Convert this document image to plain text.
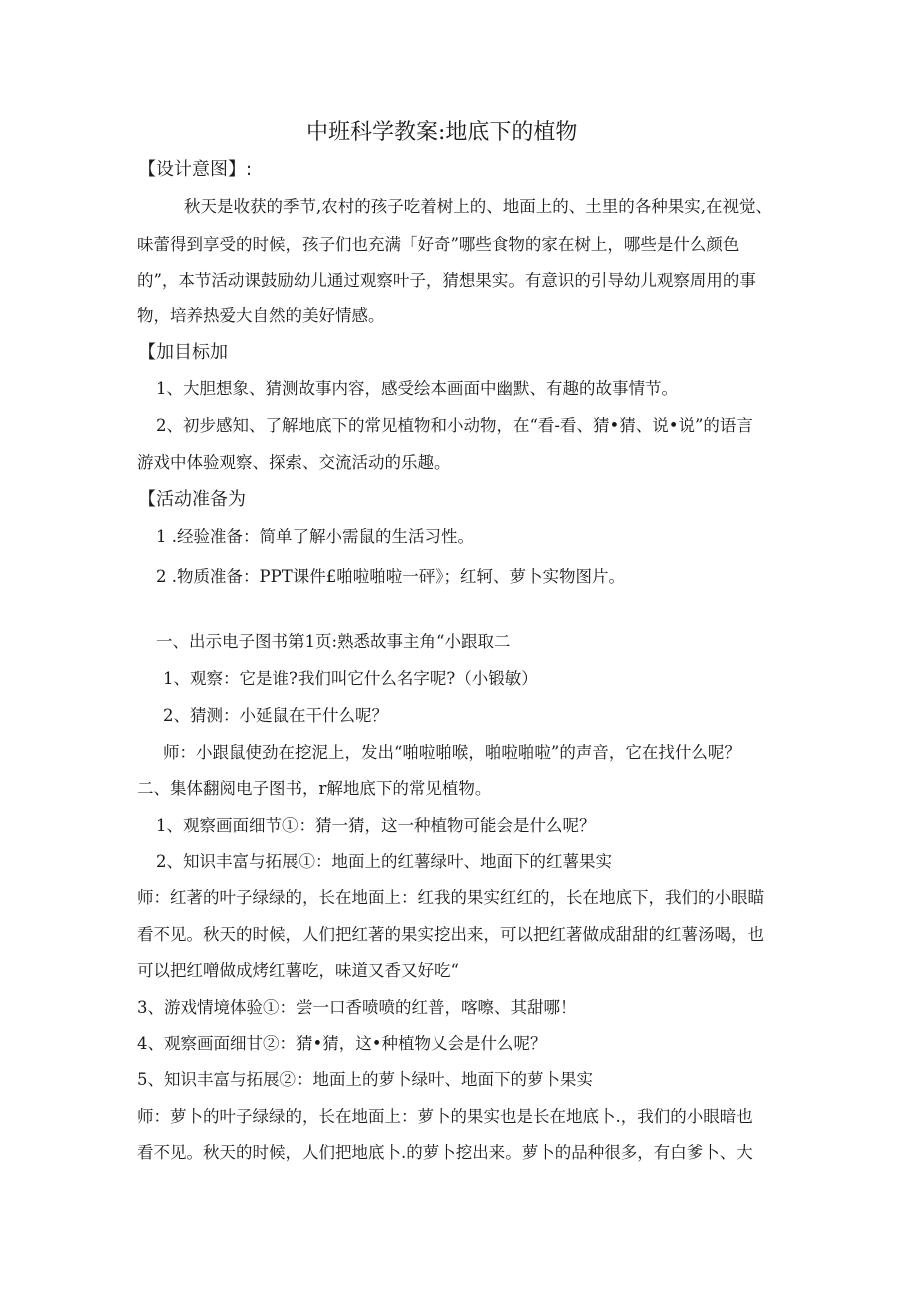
中班科学教案:地底下的植物
【设计意图】:
秋天是收获的季节,农村的孩子吃着树上的、地面上的、土里的各种果实,在视觉、
味蕾得到享受的时候，孩子们也充满「好奇”哪些食物的家在树上，哪些是什么颜色
的”，本节活动课鼓励幼儿通过观察叶子，猜想果实。有意识的引导幼儿观察周用的事
物，培养热爱大自然的美好情感。
【加目标加
1、大胆想象、猜测故事内容，感受绘本画面中幽默、有趣的故事情节。
2、初步感知、了解地底下的常见植物和小动物，在“看-看、猜•猜、说•说”的语言
游戏中体验观察、探索、交流活动的乐趣。
【活动准备为
1 .经验准备：简单了解小需鼠的生活习性。
2 .物质准备：PPT课件£啪啦啪啦一砰》；红轲、萝卜实物图片。
一、出示电子图书第1页:熟悉故事主角“小跟取二
1、观察：它是谁?我们叫它什么名字呢?（小锻敏）
2、猜测：小延鼠在干什么呢？
师：小跟鼠使劲在挖泥上，发出“啪啦啪喉，啪啦啪啦”的声音，它在找什么呢？
二、集体翻阅电子图书，r解地底下的常见植物。
1、观察画面细节①：猜一猜，这一种植物可能会是什么呢？
2、知识丰富与拓展①：地面上的红薯绿叶、地面下的红薯果实
师：红著的叶子绿绿的，长在地面上：红我的果实红红的，长在地底下，我们的小眼瞄
看不见。秋天的时候，人们把红著的果实挖出来，可以把红著做成甜甜的红薯汤喝，也
可以把红噌做成烤红薯吃，味道又香又好吃“
3、游戏情境体验①：尝一口香喷喷的红普，喀嚓、其甜哪！
4、观察画面细甘②：猜•猜，这•种植物乂会是什么呢？
5、知识丰富与拓展②：地面上的萝卜绿叶、地面下的萝卜果实
师：萝卜的叶子绿绿的，长在地面上：萝卜的果实也是长在地底卜.，我们的小眼暗也
看不见。秋天的时候，人们把地底卜.的萝卜挖出来。萝卜的品种很多，有白爹卜、大
